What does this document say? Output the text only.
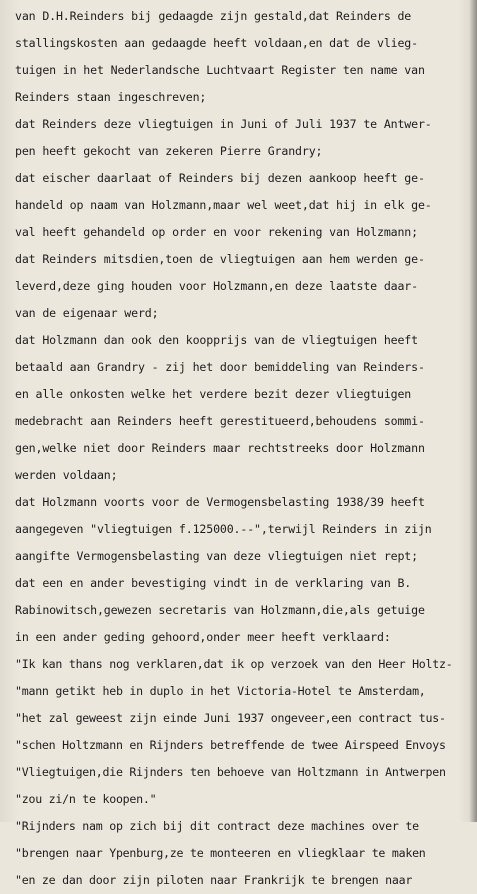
van D.H.Reinders bij gedaagde zijn gestald,dat Reinders de
stallingskosten aan gedaagde heeft voldaan,en dat de vlieg-
tuigen in het Nederlandsche Luchtvaart Register ten name van
Reinders staan ingeschreven;
dat Reinders deze vliegtuigen in Juni of Juli 1937 te Antwer-
pen heeft gekocht van zekeren Pierre Grandry;
dat eischer daarlaat of Reinders bij dezen aankoop heeft ge-
handeld op naam van Holzmann,maar wel weet,dat hij in elk ge-
val heeft gehandeld op order en voor rekening van Holzmann;
dat Reinders mitsdien,toen de vliegtuigen aan hem werden ge-
leverd,deze ging houden voor Holzmann,en deze laatste daar-
van de eigenaar werd;
dat Holzmann dan ook den koopprijs van de vliegtuigen heeft
betaald aan Grandry - zij het door bemiddeling van Reinders-
en alle onkosten welke het verdere bezit dezer vliegtuigen
medebracht aan Reinders heeft gerestitueerd,behoudens sommi-
gen,welke niet door Reinders maar rechtstreeks door Holzmann
werden voldaan;
dat Holzmann voorts voor de Vermogensbelasting 1938/39 heeft
aangegeven "vliegtuigen f.125000.--",terwijl Reinders in zijn
aangifte Vermogensbelasting van deze vliegtuigen niet rept;
dat een en ander bevestiging vindt in de verklaring van B.
Rabinowitsch,gewezen secretaris van Holzmann,die,als getuige
in een ander geding gehoord,onder meer heeft verklaard:
"Ik kan thans nog verklaren,dat ik op verzoek van den Heer Holtz-
"mann getikt heb in duplo in het Victoria-Hotel te Amsterdam,
"het zal geweest zijn einde Juni 1937 ongeveer,een contract tus-
"schen Holtzmann en Rijnders betreffende de twee Airspeed Envoys
"Vliegtuigen,die Rijnders ten behoeve van Holtzmann in Antwerpen
"zou zi/n te koopen."
"Rijnders nam op zich bij dit contract deze machines over te
"brengen naar Ypenburg,ze te monteeren en vliegklaar te maken
"en ze dan door zijn piloten naar Frankrijk te brengen naar
